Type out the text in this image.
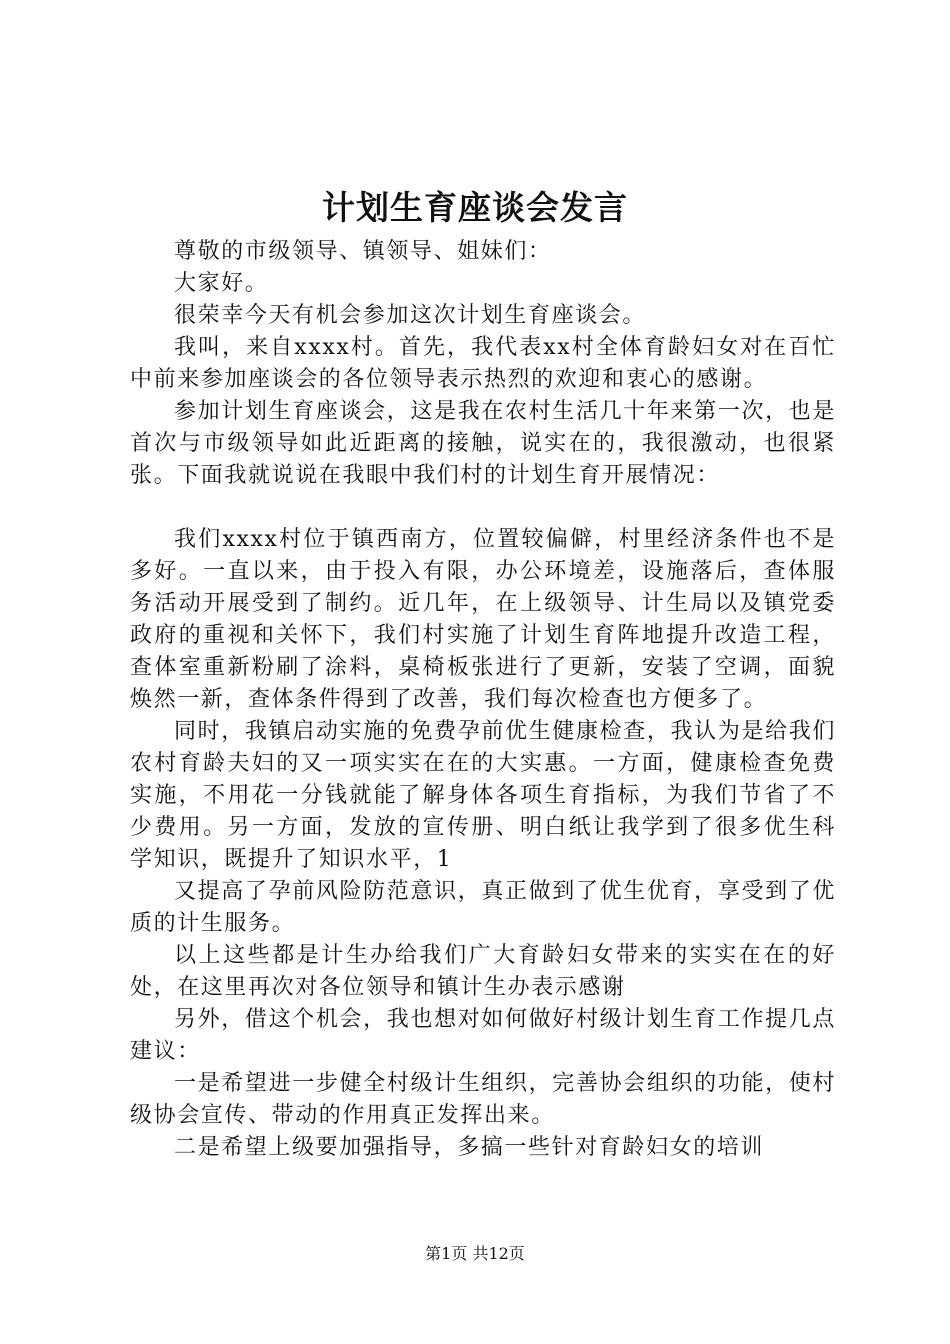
计划生育座谈会发言

尊敬的市级领导、镇领导、姐妹们：

大家好。

很荣幸今天有机会参加这次计划生育座谈会。

我叫，来自xxxx村。首先，我代表xx村全体育龄妇女对在百忙中前来参加座谈会的各位领导表示热烈的欢迎和衷心的感谢。

参加计划生育座谈会，这是我在农村生活几十年来第一次，也是首次与市级领导如此近距离的接触，说实在的，我很激动，也很紧张。下面我就说说在我眼中我们村的计划生育开展情况：

我们xxxx村位于镇西南方，位置较偏僻，村里经济条件也不是多好。一直以来，由于投入有限，办公环境差，设施落后，查体服务活动开展受到了制约。近几年，在上级领导、计生局以及镇党委政府的重视和关怀下，我们村实施了计划生育阵地提升改造工程，查体室重新粉刷了涂料，桌椅板张进行了更新，安装了空调，面貌焕然一新，查体条件得到了改善，我们每次检查也方便多了。

同时，我镇启动实施的免费孕前优生健康检查，我认为是给我们农村育龄夫妇的又一项实实在在的大实惠。一方面，健康检查免费实施，不用花一分钱就能了解身体各项生育指标，为我们节省了不少费用。另一方面，发放的宣传册、明白纸让我学到了很多优生科学知识，既提升了知识水平，1

又提高了孕前风险防范意识，真正做到了优生优育，享受到了优质的计生服务。

以上这些都是计生办给我们广大育龄妇女带来的实实在在的好处，在这里再次对各位领导和镇计生办表示感谢

另外，借这个机会，我也想对如何做好村级计划生育工作提几点建议：

一是希望进一步健全村级计生组织，完善协会组织的功能，使村级协会宣传、带动的作用真正发挥出来。

二是希望上级要加强指导，多搞一些针对育龄妇女的培训

第1页 共12页
